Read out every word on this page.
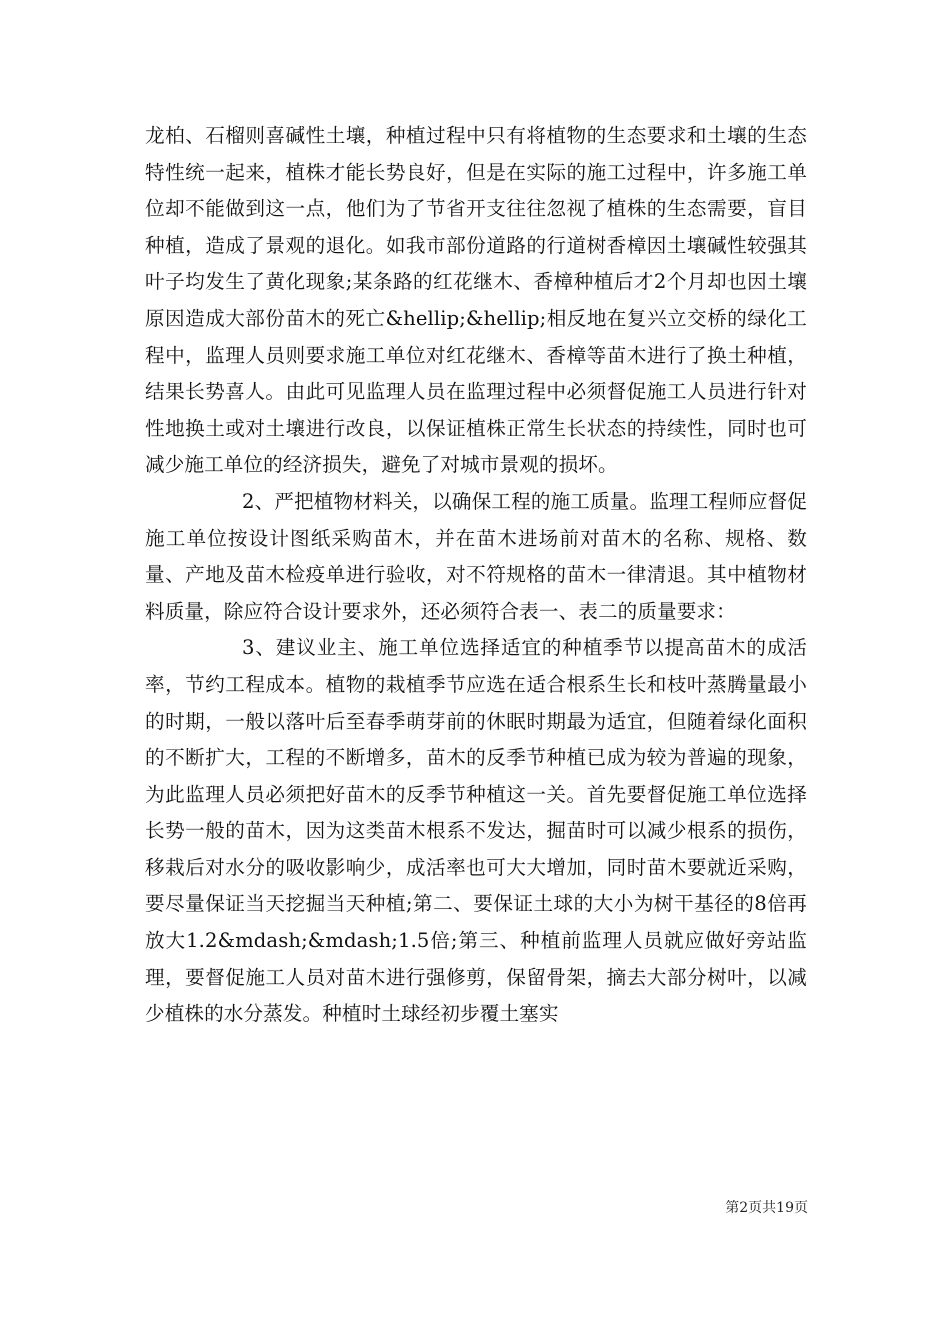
龙柏、石榴则喜碱性土壤，种植过程中只有将植物的生态要求和土壤的生态特性统一起来，植株才能长势良好，但是在实际的施工过程中，许多施工单位却不能做到这一点，他们为了节省开支往往忽视了植株的生态需要，盲目种植，造成了景观的退化。如我市部份道路的行道树香樟因土壤碱性较强其叶子均发生了黄化现象;某条路的红花继木、香樟种植后才2个月却也因土壤原因造成大部份苗木的死亡&hellip;&hellip;相反地在复兴立交桥的绿化工程中，监理人员则要求施工单位对红花继木、香樟等苗木进行了换土种植，结果长势喜人。由此可见监理人员在监理过程中必须督促施工人员进行针对性地换土或对土壤进行改良，以保证植株正常生长状态的持续性，同时也可减少施工单位的经济损失，避免了对城市景观的损坏。

2、严把植物材料关，以确保工程的施工质量。监理工程师应督促施工单位按设计图纸采购苗木，并在苗木进场前对苗木的名称、规格、数量、产地及苗木检疫单进行验收，对不符规格的苗木一律清退。其中植物材料质量，除应符合设计要求外，还必须符合表一、表二的质量要求：

3、建议业主、施工单位选择适宜的种植季节以提高苗木的成活率，节约工程成本。植物的栽植季节应选在适合根系生长和枝叶蒸腾量最小的时期，一般以落叶后至春季萌芽前的休眠时期最为适宜，但随着绿化面积的不断扩大，工程的不断增多，苗木的反季节种植已成为较为普遍的现象，为此监理人员必须把好苗木的反季节种植这一关。首先要督促施工单位选择长势一般的苗木，因为这类苗木根系不发达，掘苗时可以减少根系的损伤，移栽后对水分的吸收影响少，成活率也可大大增加，同时苗木要就近采购，要尽量保证当天挖掘当天种植;第二、要保证土球的大小为树干基径的8倍再放大1.2&mdash;&mdash;1.5倍;第三、种植前监理人员就应做好旁站监理，要督促施工人员对苗木进行强修剪，保留骨架，摘去大部分树叶，以减少植株的水分蒸发。种植时土球经初步覆土塞实

第2页共19页
